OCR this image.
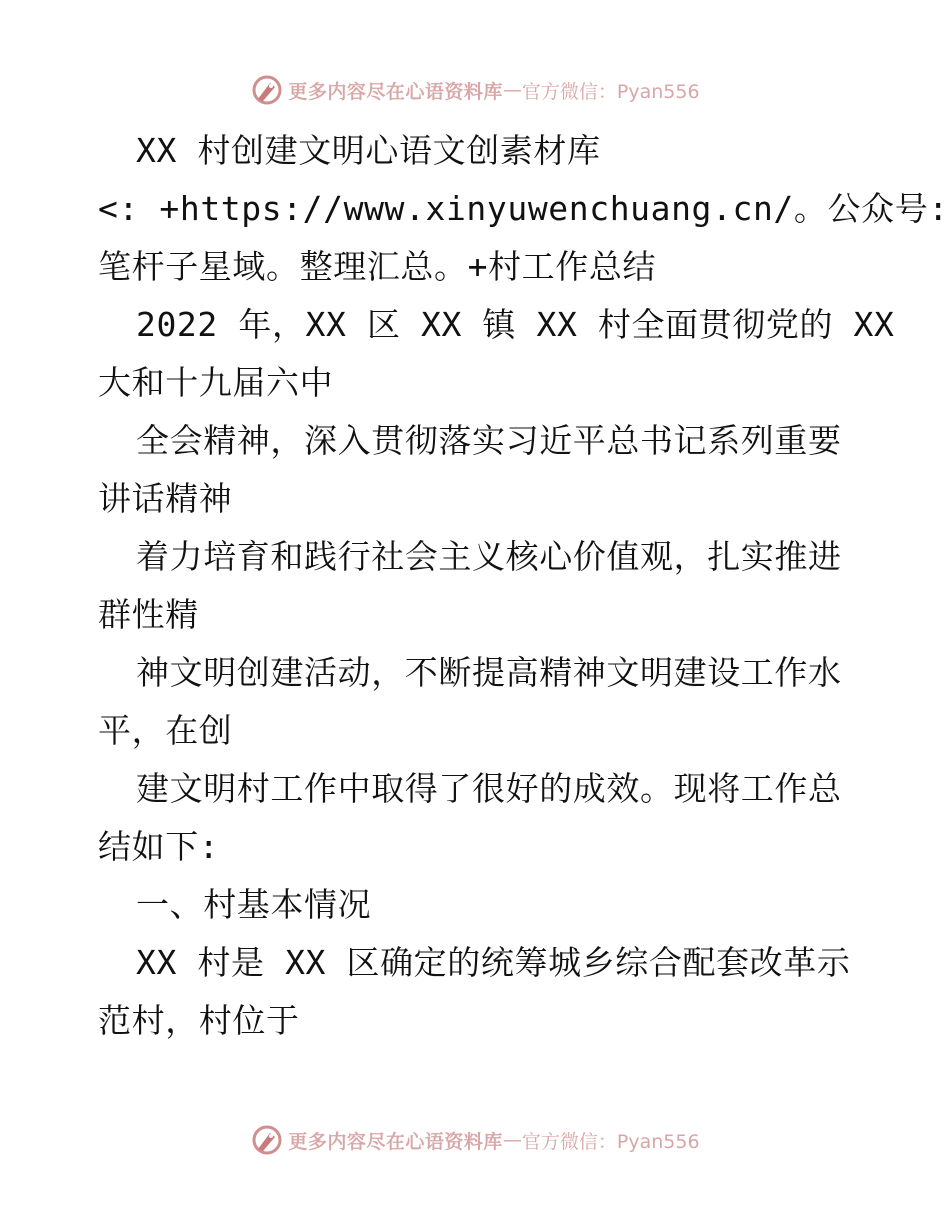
更多内容尽在心语资料库 — 官方微信：Pyan556
XX 村创建文明心语文创素材库
<: +https://www.xinyuwenchuang.cn/。公众号:
笔杆子星域。整理汇总。+村工作总结
2022 年，XX 区 XX 镇 XX 村全面贯彻党的 XX
大和十九届六中
全会精神，深入贯彻落实习近平总书记系列重要
讲话精神
着力培育和践行社会主义核心价值观，扎实推进
群性精
神文明创建活动，不断提高精神文明建设工作水
平，在创
建文明村工作中取得了很好的成效。现将工作总
结如下:
一、村基本情况
XX 村是 XX 区确定的统筹城乡综合配套改革示
范村，村位于
更多内容尽在心语资料库 — 官方微信：Pyan556
